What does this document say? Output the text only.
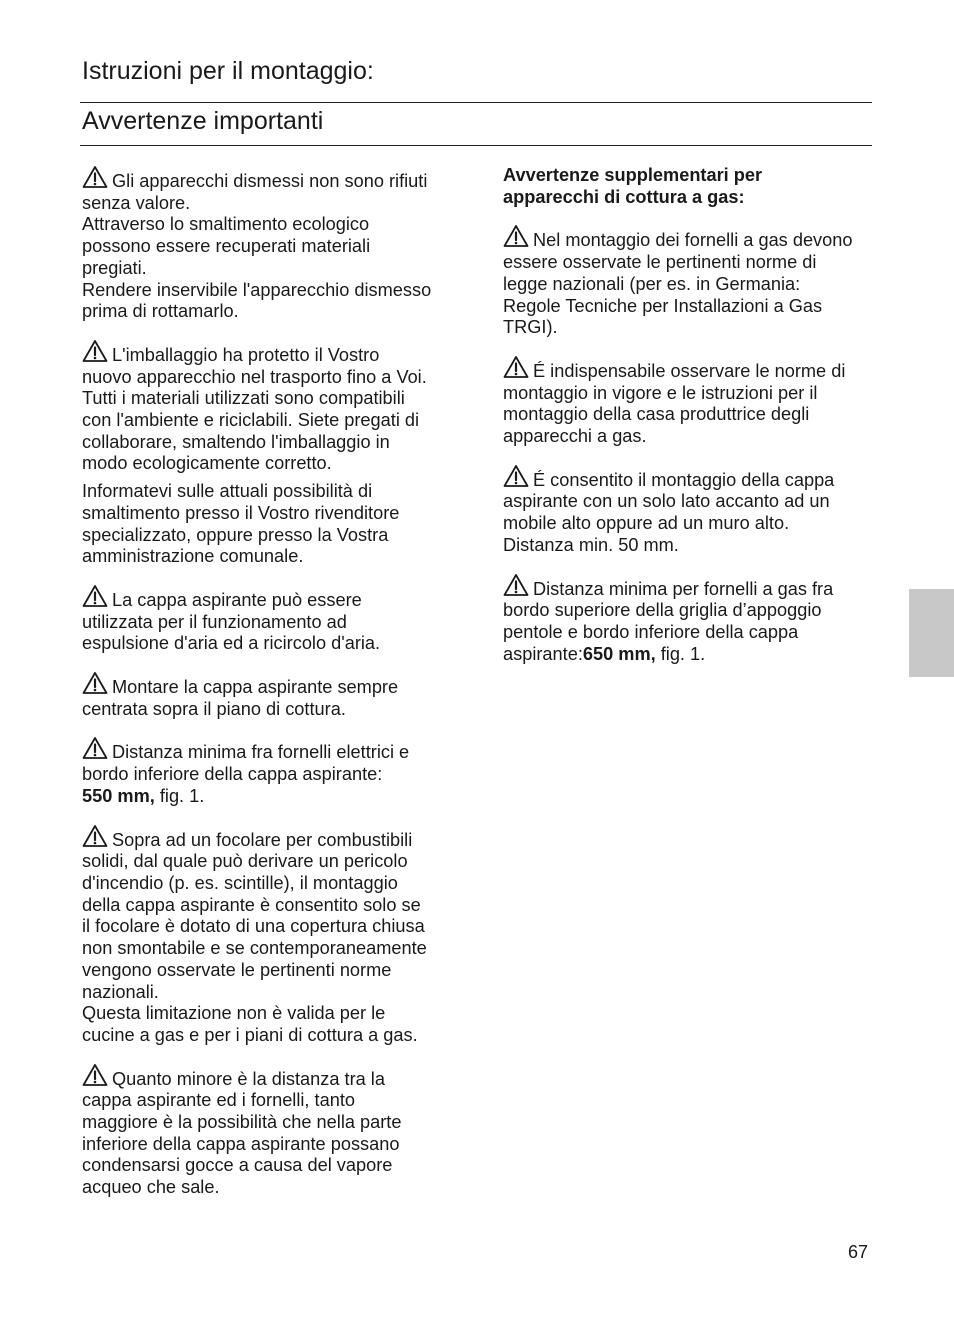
Istruzioni per il montaggio:
Avvertenze importanti

Gli apparecchi dismessi non sono rifiuti
senza valore.
Attraverso lo smaltimento ecologico
possono essere recuperati materiali
pregiati.
Rendere inservibile l'apparecchio dismesso
prima di rottamarlo.

L'imballaggio ha protetto il Vostro
nuovo apparecchio nel trasporto fino a Voi.
Tutti i materiali utilizzati sono compatibili
con l'ambiente e riciclabili. Siete pregati di
collaborare, smaltendo l'imballaggio in
modo ecologicamente corretto.

Informatevi sulle attuali possibilità di
smaltimento presso il Vostro rivenditore
specializzato, oppure presso la Vostra
amministrazione comunale.

La cappa aspirante può essere
utilizzata per il funzionamento ad
espulsione d'aria ed a ricircolo d'aria.

Montare la cappa aspirante sempre
centrata sopra il piano di cottura.

Distanza minima fra fornelli elettrici e
bordo inferiore della cappa aspirante:
550 mm, fig. 1.

Sopra ad un focolare per combustibili
solidi, dal quale può derivare un pericolo
d'incendio (p. es. scintille), il montaggio
della cappa aspirante è consentito solo se
il focolare è dotato di una copertura chiusa
non smontabile e se contemporaneamente
vengono osservate le pertinenti norme
nazionali.
Questa limitazione non è valida per le
cucine a gas e per i piani di cottura a gas.

Quanto minore è la distanza tra la
cappa aspirante ed i fornelli, tanto
maggiore è la possibilità che nella parte
inferiore della cappa aspirante possano
condensarsi gocce a causa del vapore
acqueo che sale.

Avvertenze supplementari per
apparecchi di cottura a gas:

Nel montaggio dei fornelli a gas devono
essere osservate le pertinenti norme di
legge nazionali (per es. in Germania:
Regole Tecniche per Installazioni a Gas
TRGI).

É indispensabile osservare le norme di
montaggio in vigore e le istruzioni per il
montaggio della casa produttrice degli
apparecchi a gas.

É consentito il montaggio della cappa
aspirante con un solo lato accanto ad un
mobile alto oppure ad un muro alto.
Distanza min. 50 mm.

Distanza minima per fornelli a gas fra
bordo superiore della griglia d’appoggio
pentole e bordo inferiore della cappa
aspirante:650 mm, fig. 1.

67
